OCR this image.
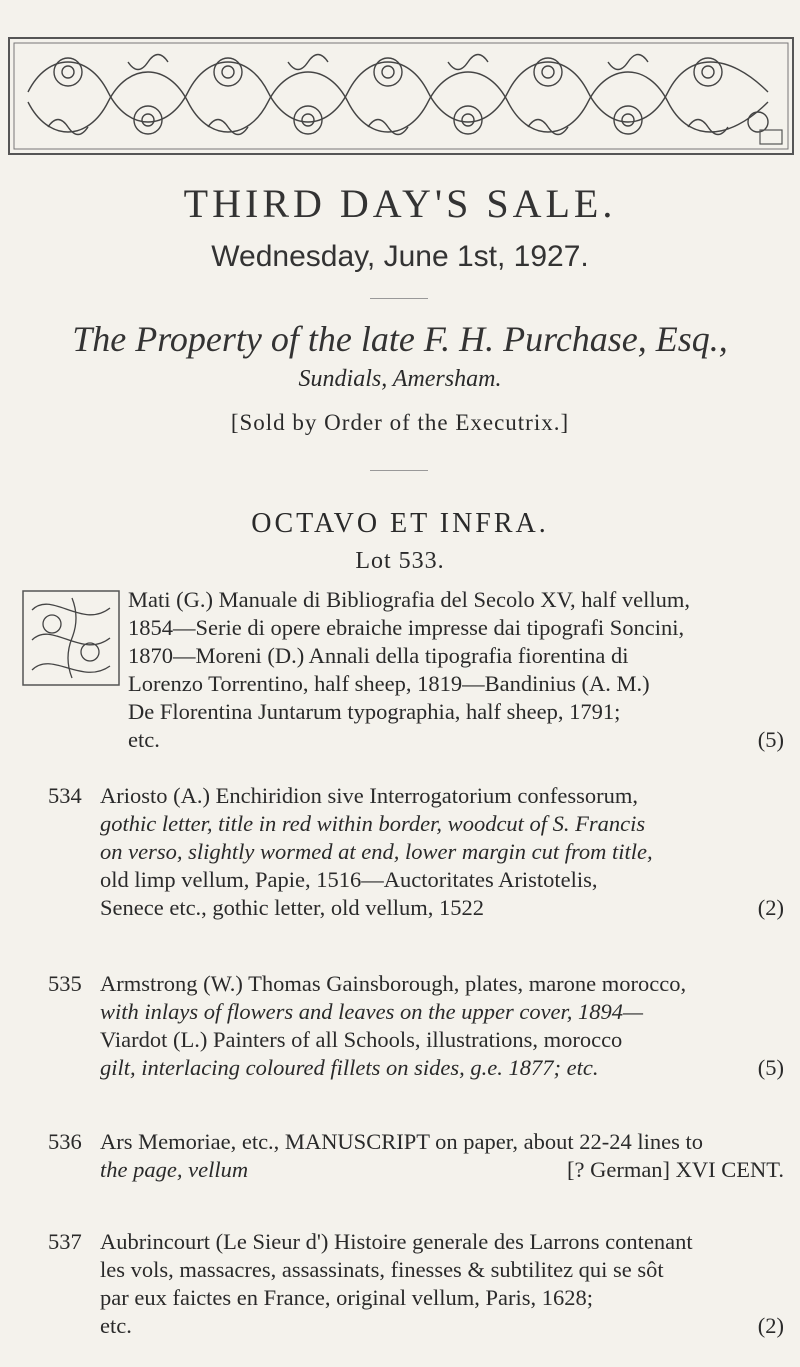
THIRD DAY'S SALE.
Wednesday, June 1st, 1927.
The Property of the late F. H. Purchase, Esq.,
Sundials, Amersham.
[Sold by Order of the Executrix.]
OCTAVO ET INFRA.
Lot 533.
Mati (G.) Manuale di Bibliografia del Secolo XV, half vellum,
1854—Serie di opere ebraiche impresse dai tipografi Soncini,
1870—Moreni (D.) Annali della tipografia fiorentina di
Lorenzo Torrentino, half sheep, 1819—Bandinius (A. M.)
De Florentina Juntarum typographia, half sheep, 1791;
etc.	(5)
534 Ariosto (A.) Enchiridion sive Interrogatorium confessorum,
gothic letter, title in red within border, woodcut of S. Francis
on verso, slightly wormed at end, lower margin cut from title,
old limp vellum, Papie, 1516—Auctoritates Aristotelis,
Senece etc., gothic letter, old vellum, 1522	(2)
535 Armstrong (W.) Thomas Gainsborough, plates, marone morocco,
with inlays of flowers and leaves on the upper cover, 1894—
Viardot (L.) Painters of all Schools, illustrations, morocco
gilt, interlacing coloured fillets on sides, g.e. 1877; etc.	(5)
536 Ars Memoriae, etc., MANUSCRIPT on paper, about 22-24 lines to
the page, vellum	[? German] XVI CENT.
537 Aubrincourt (Le Sieur d') Histoire generale des Larrons contenant
les vols, massacres, assassinats, finesses & subtilitez qui se sôt
par eux faictes en France, original vellum, Paris, 1628;
etc.	(2)
